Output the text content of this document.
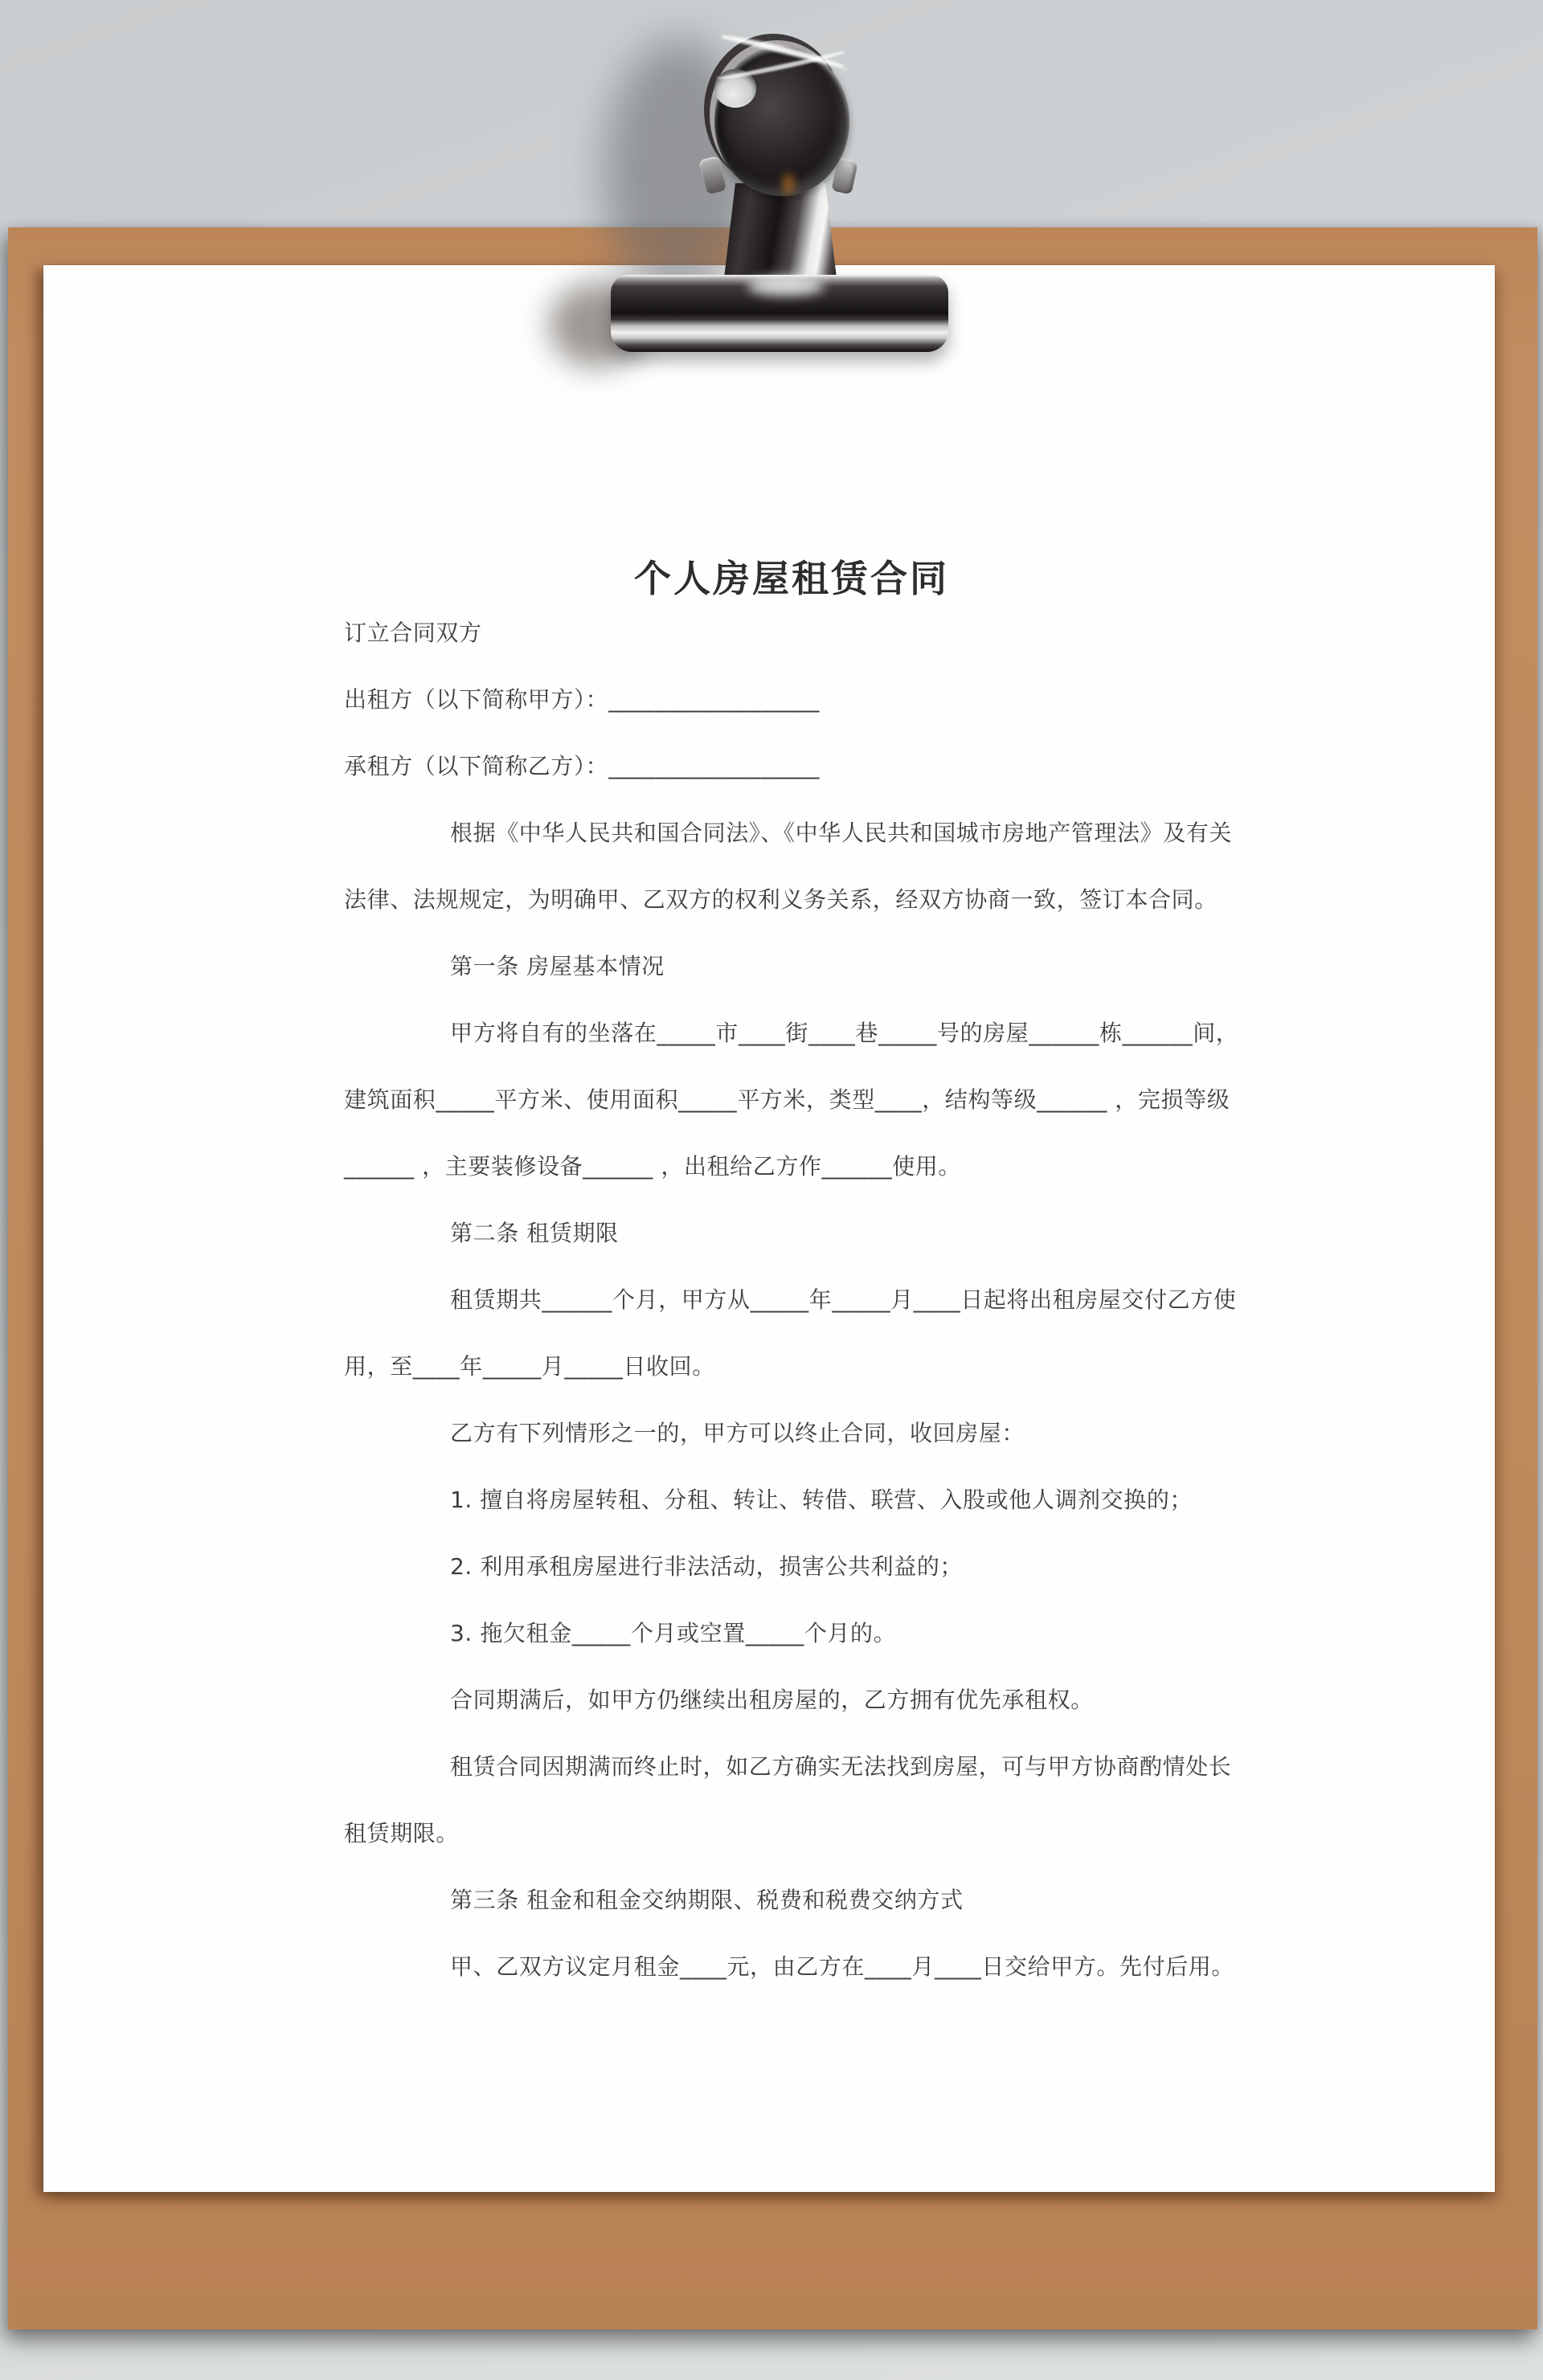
个人房屋租赁合同

订立合同双方

出租方（以下简称甲方）：__________________

承租方（以下简称乙方）：__________________

根据《中华人民共和国合同法》、《中华人民共和国城市房地产管理法》及有关法律、法规规定，为明确甲、乙双方的权利义务关系，经双方协商一致，签订本合同。

第一条 房屋基本情况

甲方将自有的坐落在_____市____街____巷_____号的房屋______栋______间，建筑面积_____平方米、使用面积_____平方米，类型____，结构等级______ ，完损等级______ ，主要装修设备______ ，出租给乙方作______使用。

第二条 租赁期限

租赁期共______个月，甲方从_____年_____月____日起将出租房屋交付乙方使用，至____年_____月_____日收回。

乙方有下列情形之一的，甲方可以终止合同，收回房屋：

1. 擅自将房屋转租、分租、转让、转借、联营、入股或他人调剂交换的；

2. 利用承租房屋进行非法活动，损害公共利益的；

3. 拖欠租金_____个月或空置_____个月的。

合同期满后，如甲方仍继续出租房屋的，乙方拥有优先承租权。

租赁合同因期满而终止时，如乙方确实无法找到房屋，可与甲方协商酌情处长租赁期限。

第三条 租金和租金交纳期限、税费和税费交纳方式

甲、乙双方议定月租金____元，由乙方在____月____日交给甲方。先付后用。
